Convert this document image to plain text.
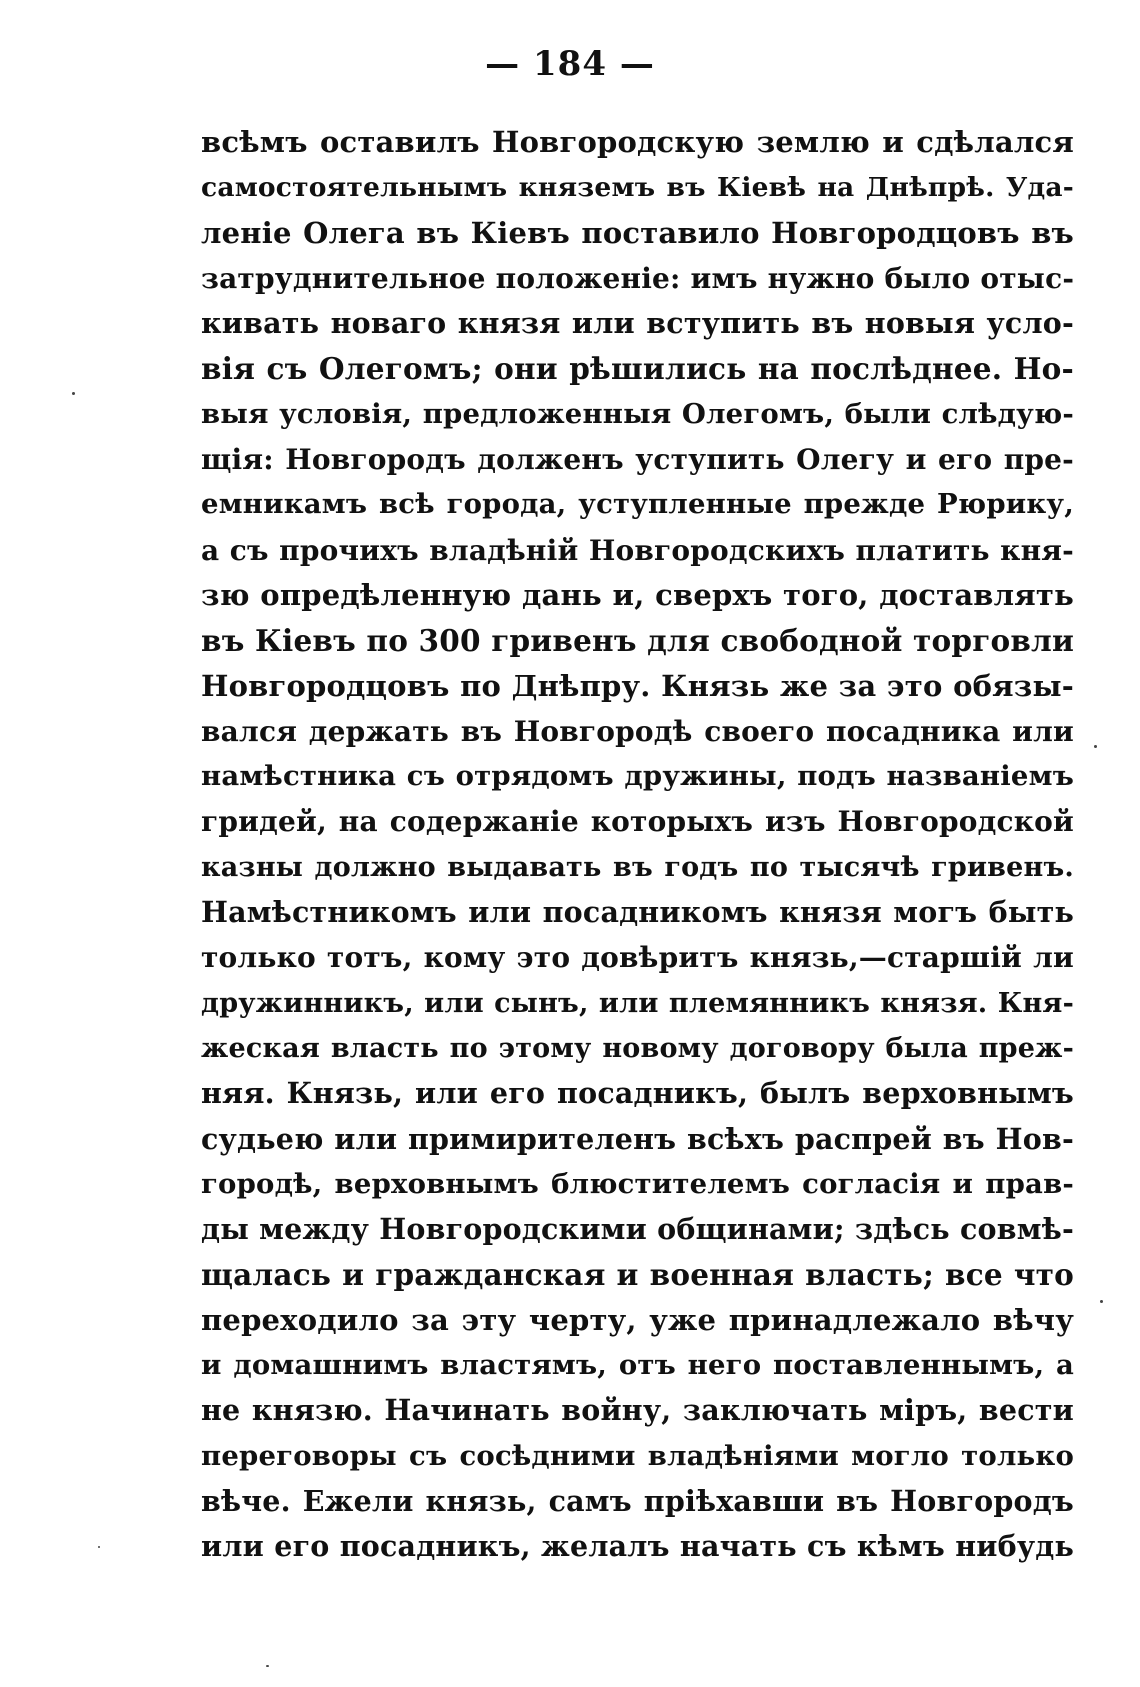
— 184 —
всѣмъ оставилъ Новгородскую землю и сдѣлался
самостоятельнымъ княземъ въ Кіевѣ на Днѣпрѣ. Уда-
леніе Олега въ Кіевъ поставило Новгородцовъ въ
затруднительное положеніе: имъ нужно было отыс-
кивать новаго князя или вступить въ новыя усло-
вія съ Олегомъ; они рѣшились на послѣднее. Но-
выя условія, предложенныя Олегомъ, были слѣдую-
щія: Новгородъ долженъ уступить Олегу и его пре-
емникамъ всѣ города, уступленные прежде Рюрику,
а съ прочихъ владѣній Новгородскихъ платить кня-
зю опредѣленную дань и, сверхъ того, доставлять
въ Кіевъ по 300 гривенъ для свободной торговли
Новгородцовъ по Днѣпру. Князь же за это обязы-
вался держать въ Новгородѣ своего посадника или
намѣстника съ отрядомъ дружины, подъ названіемъ
гридей, на содержаніе которыхъ изъ Новгородской
казны должно выдавать въ годъ по тысячѣ гривенъ.
Намѣстникомъ или посадникомъ князя могъ быть
только тотъ, кому это довѣритъ князь,—старшій ли
дружинникъ, или сынъ, или племянникъ князя. Кня-
жеская власть по этому новому договору была преж-
няя. Князь, или его посадникъ, былъ верховнымъ
судьею или примирителенъ всѣхъ распрей въ Нов-
городѣ, верховнымъ блюстителемъ согласія и прав-
ды между Новгородскими общинами; здѣсь совмѣ-
щалась и гражданская и военная власть; все что
переходило за эту черту, уже принадлежало вѣчу
и домашнимъ властямъ, отъ него поставленнымъ, а
не князю. Начинать войну, заключать міръ, вести
переговоры съ сосѣдними владѣніями могло только
вѣче. Ежели князь, самъ пріѣхавши въ Новгородъ
или его посадникъ, желалъ начать съ кѣмъ нибудь
